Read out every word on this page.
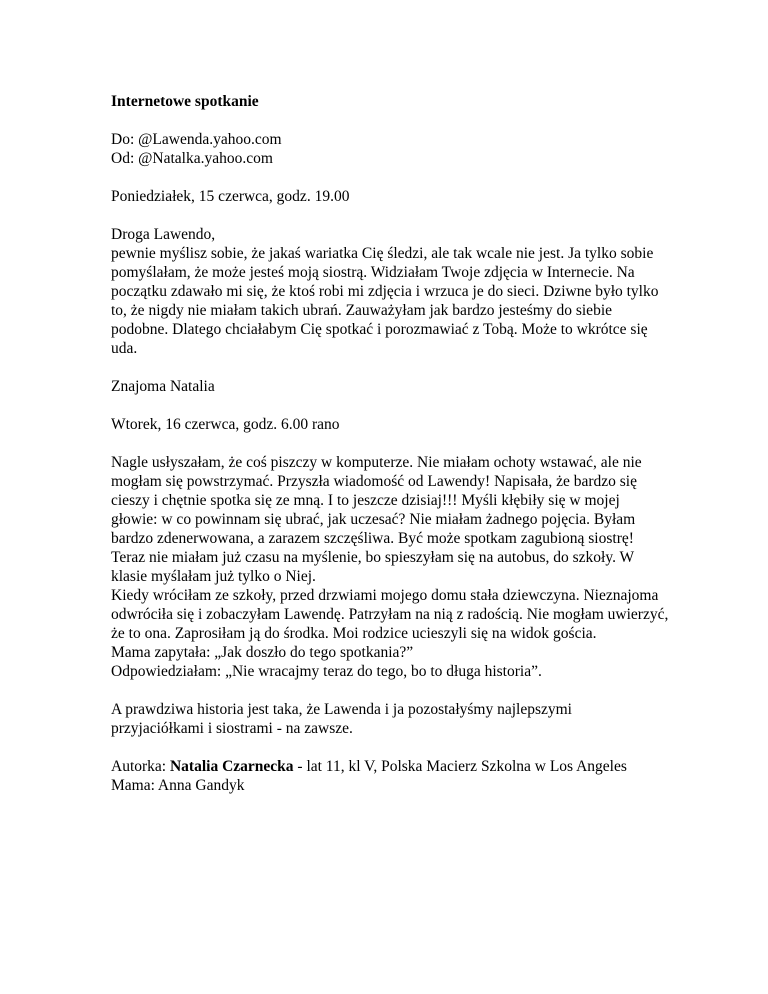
Internetowe spotkanie

Do: @Lawenda.yahoo.com
Od: @Natalka.yahoo.com

Poniedziałek, 15 czerwca, godz. 19.00

Droga Lawendo,
pewnie myślisz sobie, że jakaś wariatka Cię śledzi, ale tak wcale nie jest. Ja tylko sobie
pomyślałam, że może jesteś moją siostrą. Widziałam Twoje zdjęcia w Internecie. Na
początku zdawało mi się, że ktoś robi mi zdjęcia i wrzuca je do sieci. Dziwne było tylko
to, że nigdy nie miałam takich ubrań. Zauważyłam jak bardzo jesteśmy do siebie
podobne. Dlatego chciałabym Cię spotkać i porozmawiać z Tobą. Może to wkrótce się
uda.

Znajoma Natalia

Wtorek, 16 czerwca, godz. 6.00 rano

Nagle usłyszałam, że coś piszczy w komputerze. Nie miałam ochoty wstawać, ale nie
mogłam się powstrzymać. Przyszła wiadomość od Lawendy! Napisała, że bardzo się
cieszy i chętnie spotka się ze mną. I to jeszcze dzisiaj!!! Myśli kłębiły się w mojej
głowie: w co powinnam się ubrać, jak uczesać? Nie miałam żadnego pojęcia. Byłam
bardzo zdenerwowana, a zarazem szczęśliwa. Być może spotkam zagubioną siostrę!
Teraz nie miałam już czasu na myślenie, bo spieszyłam się na autobus, do szkoły. W
klasie myślałam już tylko o Niej.
Kiedy wróciłam ze szkoły, przed drzwiami mojego domu stała dziewczyna. Nieznajoma
odwróciła się i zobaczyłam Lawendę. Patrzyłam na nią z radością. Nie mogłam uwierzyć,
że to ona. Zaprosiłam ją do środka. Moi rodzice ucieszyli się na widok gościa.
Mama zapytała: „Jak doszło do tego spotkania?”
Odpowiedziałam: „Nie wracajmy teraz do tego, bo to długa historia”.

A prawdziwa historia jest taka, że Lawenda i ja pozostałyśmy najlepszymi
przyjaciółkami i siostrami - na zawsze.

Autorka: Natalia Czarnecka - lat 11, kl V, Polska Macierz Szkolna w Los Angeles
Mama: Anna Gandyk
